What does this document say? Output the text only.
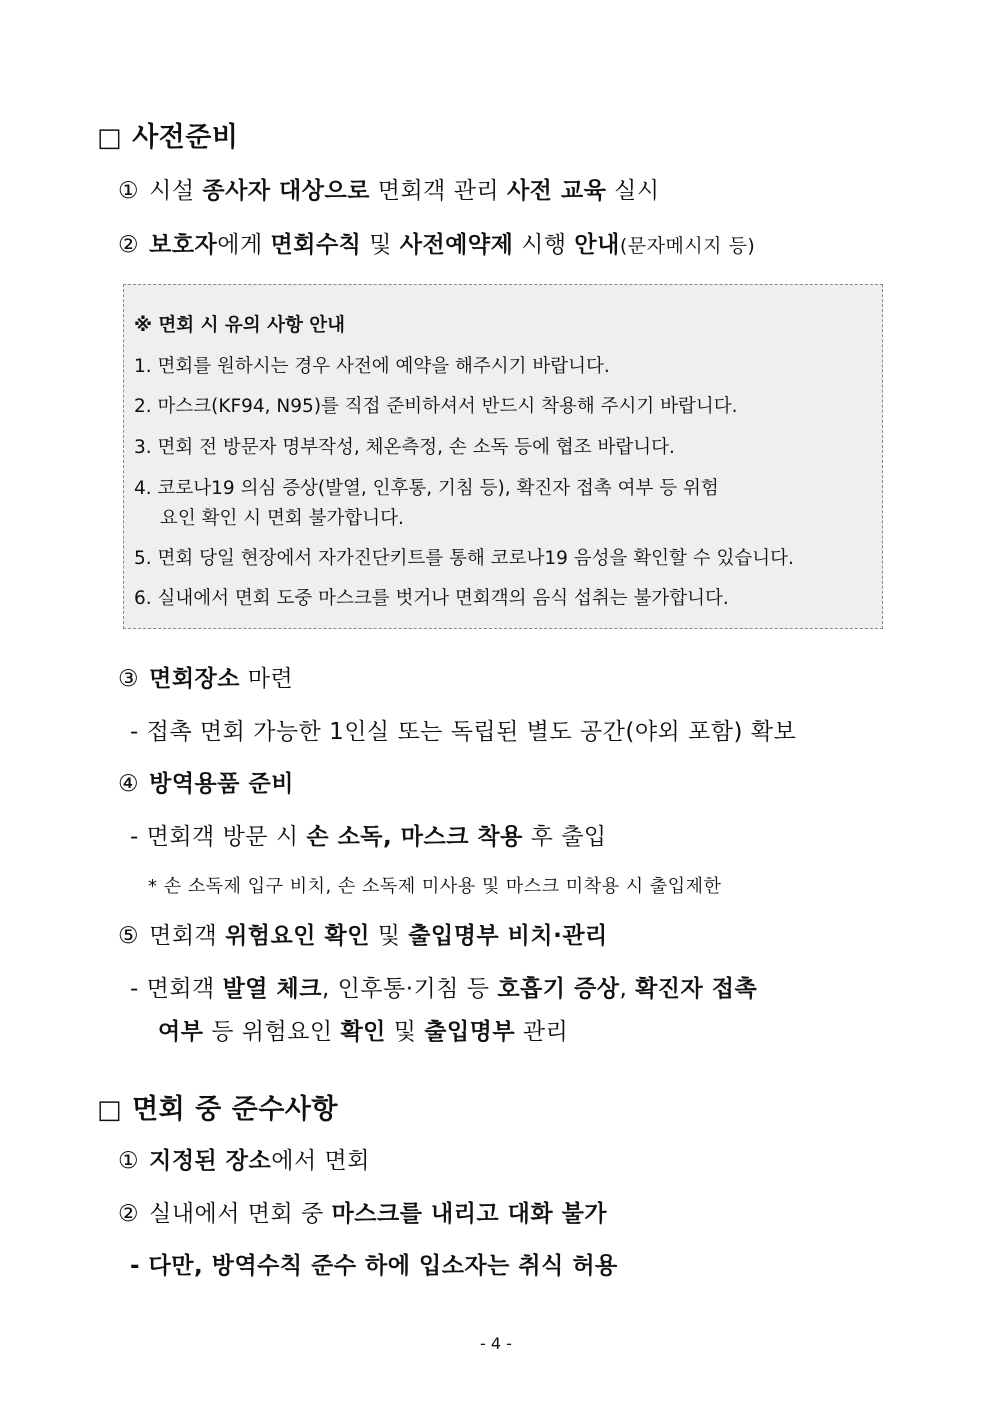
□ 사전준비
① 시설 종사자 대상으로 면회객 관리 사전 교육 실시
② 보호자에게 면회수칙 및 사전예약제 시행 안내(문자메시지 등)
※ 면회 시 유의 사항 안내
1. 면회를 원하시는 경우 사전에 예약을 해주시기 바랍니다.
2. 마스크(KF94, N95)를 직접 준비하셔서 반드시 착용해 주시기 바랍니다.
3. 면회 전 방문자 명부작성, 체온측정, 손 소독 등에 협조 바랍니다.
4. 코로나19 의심 증상(발열, 인후통, 기침 등), 확진자 접촉 여부 등 위험
요인 확인 시 면회 불가합니다.
5. 면회 당일 현장에서 자가진단키트를 통해 코로나19 음성을 확인할 수 있습니다.
6. 실내에서 면회 도중 마스크를 벗거나 면회객의 음식 섭취는 불가합니다.
③ 면회장소 마련
- 접촉 면회 가능한 1인실 또는 독립된 별도 공간(야외 포함) 확보
④ 방역용품 준비
- 면회객 방문 시 손 소독, 마스크 착용 후 출입
* 손 소독제 입구 비치, 손 소독제 미사용 및 마스크 미착용 시 출입제한
⑤ 면회객 위험요인 확인 및 출입명부 비치·관리
- 면회객 발열 체크, 인후통·기침 등 호흡기 증상, 확진자 접촉
여부 등 위험요인 확인 및 출입명부 관리
□ 면회 중 준수사항
① 지정된 장소에서 면회
② 실내에서 면회 중 마스크를 내리고 대화 불가
- 다만, 방역수칙 준수 하에 입소자는 취식 허용
- 4 -
